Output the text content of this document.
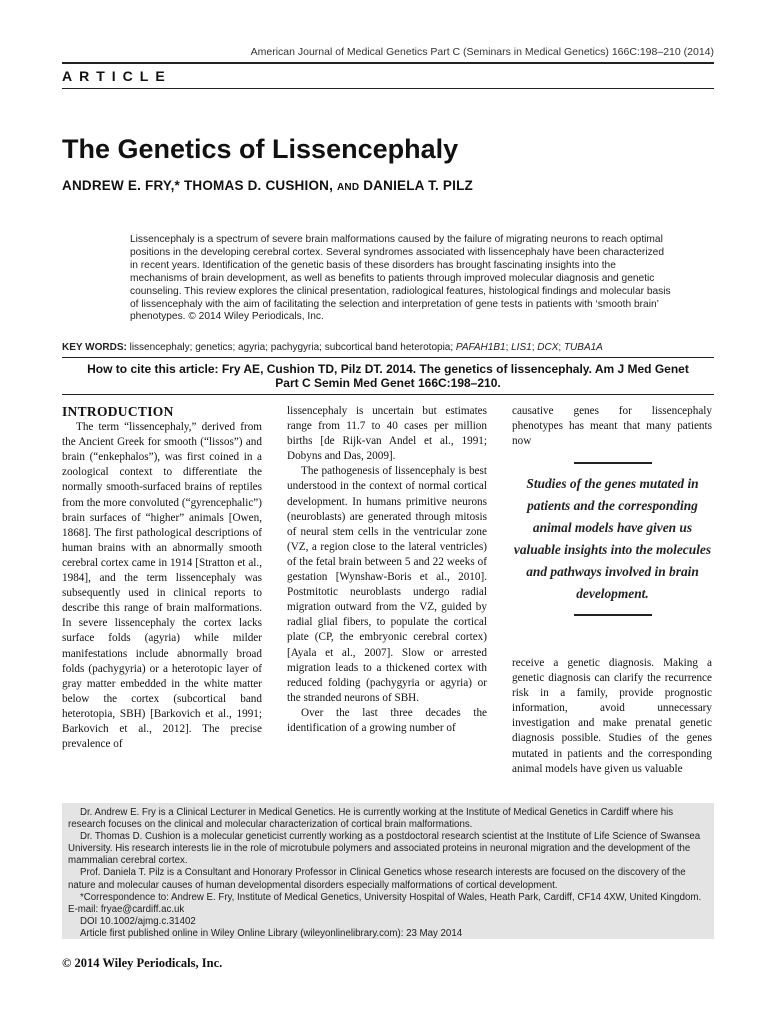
American Journal of Medical Genetics Part C (Seminars in Medical Genetics) 166C:198–210 (2014)
ARTICLE
The Genetics of Lissencephaly
ANDREW E. FRY,* THOMAS D. CUSHION, AND DANIELA T. PILZ

Lissencephaly is a spectrum of severe brain malformations caused by the failure of migrating neurons to reach optimal positions in the developing cerebral cortex. Several syndromes associated with lissencephaly have been characterized in recent years. Identification of the genetic basis of these disorders has brought fascinating insights into the mechanisms of brain development, as well as benefits to patients through improved molecular diagnosis and genetic counseling. This review explores the clinical presentation, radiological features, histological findings and molecular basis of lissencephaly with the aim of facilitating the selection and interpretation of gene tests in patients with ‘smooth brain’ phenotypes. © 2014 Wiley Periodicals, Inc.

KEY WORDS: lissencephaly; genetics; agyria; pachygyria; subcortical band heterotopia; PAFAH1B1; LIS1; DCX; TUBA1A
How to cite this article: Fry AE, Cushion TD, Pilz DT. 2014. The genetics of lissencephaly. Am J Med Genet
Part C Semin Med Genet 166C:198–210.
INTRODUCTION

The term “lissencephaly,” derived from the Ancient Greek for smooth (“lissos”) and brain (“enkephalos”), was first coined in a zoological context to differentiate the normally smooth-surfaced brains of reptiles from the more convoluted (“gyrencephalic”) brain surfaces of “higher” animals [Owen, 1868]. The first pathological descriptions of human brains with an abnormally smooth cerebral cortex came in 1914 [Stratton et al., 1984], and the term lissencephaly was subsequently used in clinical reports to describe this range of brain malformations. In severe lissencephaly the cortex lacks surface folds (agyria) while milder manifestations include abnormally broad folds (pachygyria) or a heterotopic layer of gray matter embedded in the white matter below the cortex (subcortical band heterotopia, SBH) [Barkovich et al., 1991; Barkovich et al., 2012]. The precise prevalence of

lissencephaly is uncertain but estimates range from 11.7 to 40 cases per million births [de Rijk-van Andel et al., 1991; Dobyns and Das, 2009].

The pathogenesis of lissencephaly is best understood in the context of normal cortical development. In humans primitive neurons (neuroblasts) are generated through mitosis of neural stem cells in the ventricular zone (VZ, a region close to the lateral ventricles) of the fetal brain between 5 and 22 weeks of gestation [Wynshaw-Boris et al., 2010]. Postmitotic neuroblasts undergo radial migration outward from the VZ, guided by radial glial fibers, to populate the cortical plate (CP, the embryonic cerebral cortex) [Ayala et al., 2007]. Slow or arrested migration leads to a thickened cortex with reduced folding (pachygyria or agyria) or the stranded neurons of SBH.

Over the last three decades the identification of a growing number of

causative genes for lissencephaly phenotypes has meant that many patients now

Studies of the genes mutated in patients and the corresponding animal models have given us valuable insights into the molecules and pathways involved in brain development.

receive a genetic diagnosis. Making a genetic diagnosis can clarify the recurrence risk in a family, provide prognostic information, avoid unnecessary investigation and make prenatal genetic diagnosis possible. Studies of the genes mutated in patients and the corresponding animal models have given us valuable

Dr. Andrew E. Fry is a Clinical Lecturer in Medical Genetics. He is currently working at the Institute of Medical Genetics in Cardiff where his research focuses on the clinical and molecular characterization of cortical brain malformations.

Dr. Thomas D. Cushion is a molecular geneticist currently working as a postdoctoral research scientist at the Institute of Life Science of Swansea University. His research interests lie in the role of microtubule polymers and associated proteins in neuronal migration and the development of the mammalian cerebral cortex.

Prof. Daniela T. Pilz is a Consultant and Honorary Professor in Clinical Genetics whose research interests are focused on the discovery of the nature and molecular causes of human developmental disorders especially malformations of cortical development.

*Correspondence to: Andrew E. Fry, Institute of Medical Genetics, University Hospital of Wales, Heath Park, Cardiff, CF14 4XW, United Kingdom. E-mail: fryae@cardiff.ac.uk

DOI 10.1002/ajmg.c.31402

Article first published online in Wiley Online Library (wileyonlinelibrary.com): 23 May 2014

© 2014 Wiley Periodicals, Inc.
